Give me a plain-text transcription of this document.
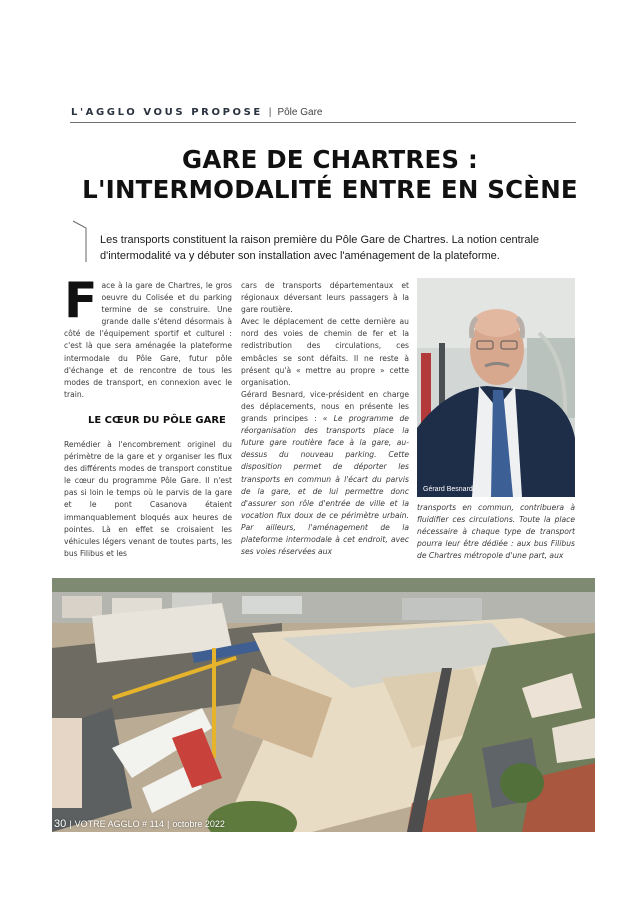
L'AGGLO VOUS PROPOSE | Pôle Gare
GARE DE CHARTRES :
L'INTERMODALITÉ ENTRE EN SCÈNE

Les transports constituent la raison première du Pôle Gare de Chartres. La notion centrale d'intermodalité va y débuter son installation avec l'aménagement de la plateforme.

F ace à la gare de Chartres, le gros oeuvre du Colisée et du parking termine de se construire. Une grande dalle s'étend désormais à côté de l'équipement sportif et culturel : c'est là que sera aménagée la plateforme intermodale du Pôle Gare, futur pôle d'échange et de rencontre de tous les modes de transport, en connexion avec le train.

LE CŒUR DU PÔLE GARE

Remédier à l'encombrement originel du périmètre de la gare et y organiser les flux des différents modes de transport constitue le cœur du programme Pôle Gare. Il n'est pas si loin le temps où le parvis de la gare et le pont Casanova étaient immanquablement bloqués aux heures de pointes. Là en effet se croisaient les véhicules légers venant de toutes parts, les bus Filibus et les

cars de transports départementaux et régionaux déversant leurs passagers à la gare routière.

Avec le déplacement de cette dernière au nord des voies de chemin de fer et la redistribution des circulations, ces embâcles se sont défaits. Il ne reste à présent qu'à « mettre au propre » cette organisation.

Gérard Besnard, vice-président en charge des déplacements, nous en présente les grands principes : « Le programme de réorganisation des transports place la future gare routière face à la gare, au-dessus du nouveau parking. Cette disposition permet de déporter les transports en commun à l'écart du parvis de la gare, et de lui permettre donc d'assurer son rôle d'entrée de ville et la vocation flux doux de ce périmètre urbain. Par ailleurs, l'aménagement de la plateforme intermodale à cet endroit, avec ses voies réservées aux

Gérard Besnard.

transports en commun, contribuera à fluidifier ces circulations. Toute la place nécessaire à chaque type de transport pourra leur être dédiée : aux bus Filibus de Chartres métropole d'une part, aux

30 | VOTRE AGGLO # 114 | octobre 2022
